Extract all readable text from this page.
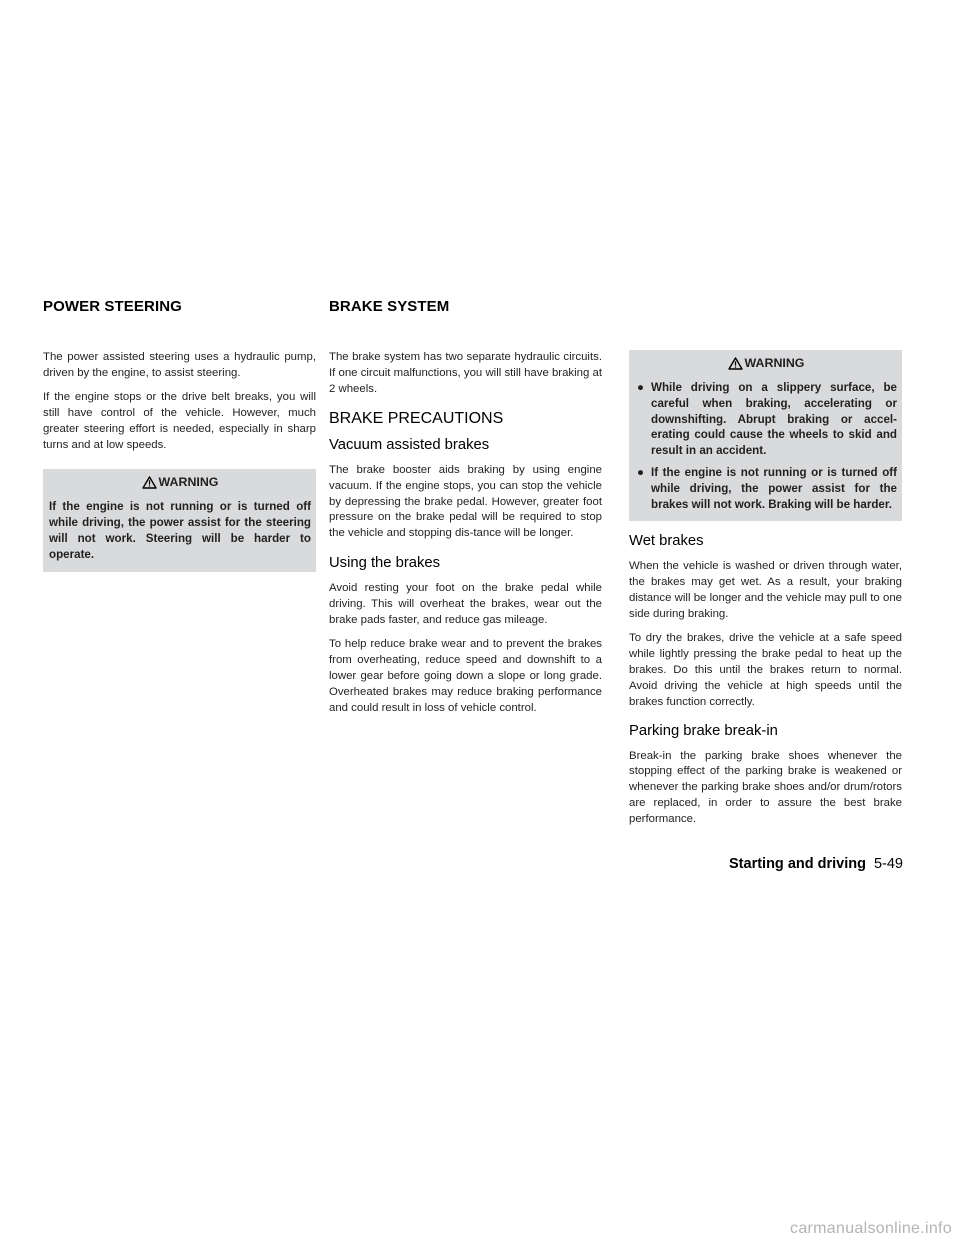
POWER STEERING	BRAKE SYSTEM

The power assisted steering uses a hydraulic pump, driven by the engine, to assist steering.

If the engine stops or the drive belt breaks, you will still have control of the vehicle. However, much greater steering effort is needed, especially in sharp turns and at low speeds.

WARNING

If the engine is not running or is turned off while driving, the power assist for the steering will not work. Steering will be harder to operate.

The brake system has two separate hydraulic circuits. If one circuit malfunctions, you will still have braking at 2 wheels.

BRAKE PRECAUTIONS
Vacuum assisted brakes

The brake booster aids braking by using engine vacuum. If the engine stops, you can stop the vehicle by depressing the brake pedal. However, greater foot pressure on the brake pedal will be required to stop the vehicle and stopping dis-tance will be longer.

Using the brakes

Avoid resting your foot on the brake pedal while driving. This will overheat the brakes, wear out the brake pads faster, and reduce gas mileage.

To help reduce brake wear and to prevent the brakes from overheating, reduce speed and downshift to a lower gear before going down a slope or long grade. Overheated brakes may reduce braking performance and could result in loss of vehicle control.

WARNING
● While driving on a slippery surface, be careful when braking, accelerating or downshifting. Abrupt braking or accel-erating could cause the wheels to skid and result in an accident.
● If the engine is not running or is turned off while driving, the power assist for the brakes will not work. Braking will be harder.
Wet brakes

When the vehicle is washed or driven through water, the brakes may get wet. As a result, your braking distance will be longer and the vehicle may pull to one side during braking.

To dry the brakes, drive the vehicle at a safe speed while lightly pressing the brake pedal to heat up the brakes. Do this until the brakes return to normal. Avoid driving the vehicle at high speeds until the brakes function correctly.

Parking brake break-in

Break-in the parking brake shoes whenever the stopping effect of the parking brake is weakened or whenever the parking brake shoes and/or drum/rotors are replaced, in order to assure the best brake performance.

Starting and driving 5-49
carmanualsonline.info
